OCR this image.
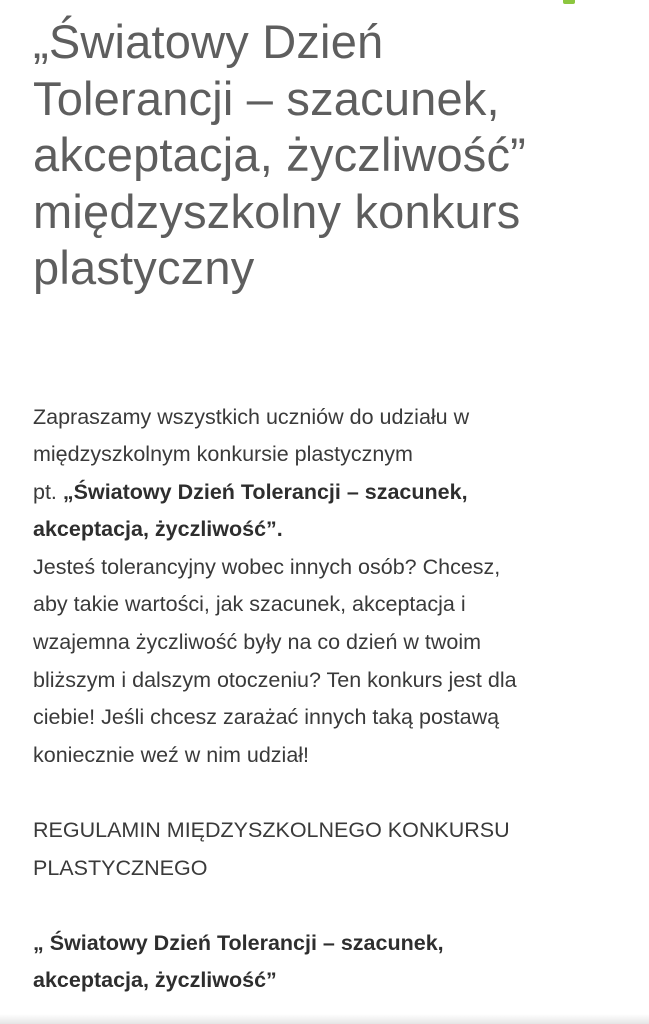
„Światowy Dzień
Tolerancji – szacunek,
akceptacja, życzliwość”
międzyszkolny konkurs
plastyczny

Zapraszamy wszystkich uczniów do udziału w
międzyszkolnym konkursie plastycznym
pt. „Światowy Dzień Tolerancji – szacunek,
akceptacja, życzliwość”.

Jesteś tolerancyjny wobec innych osób? Chcesz,
aby takie wartości, jak szacunek, akceptacja i
wzajemna życzliwość były na co dzień w twoim
bliższym i dalszym otoczeniu? Ten konkurs jest dla
ciebie! Jeśli chcesz zarażać innych taką postawą
koniecznie weź w nim udział!

REGULAMIN MIĘDZYSZKOLNEGO KONKURSU
PLASTYCZNEGO

„ Światowy Dzień Tolerancji – szacunek,
akceptacja, życzliwość”
